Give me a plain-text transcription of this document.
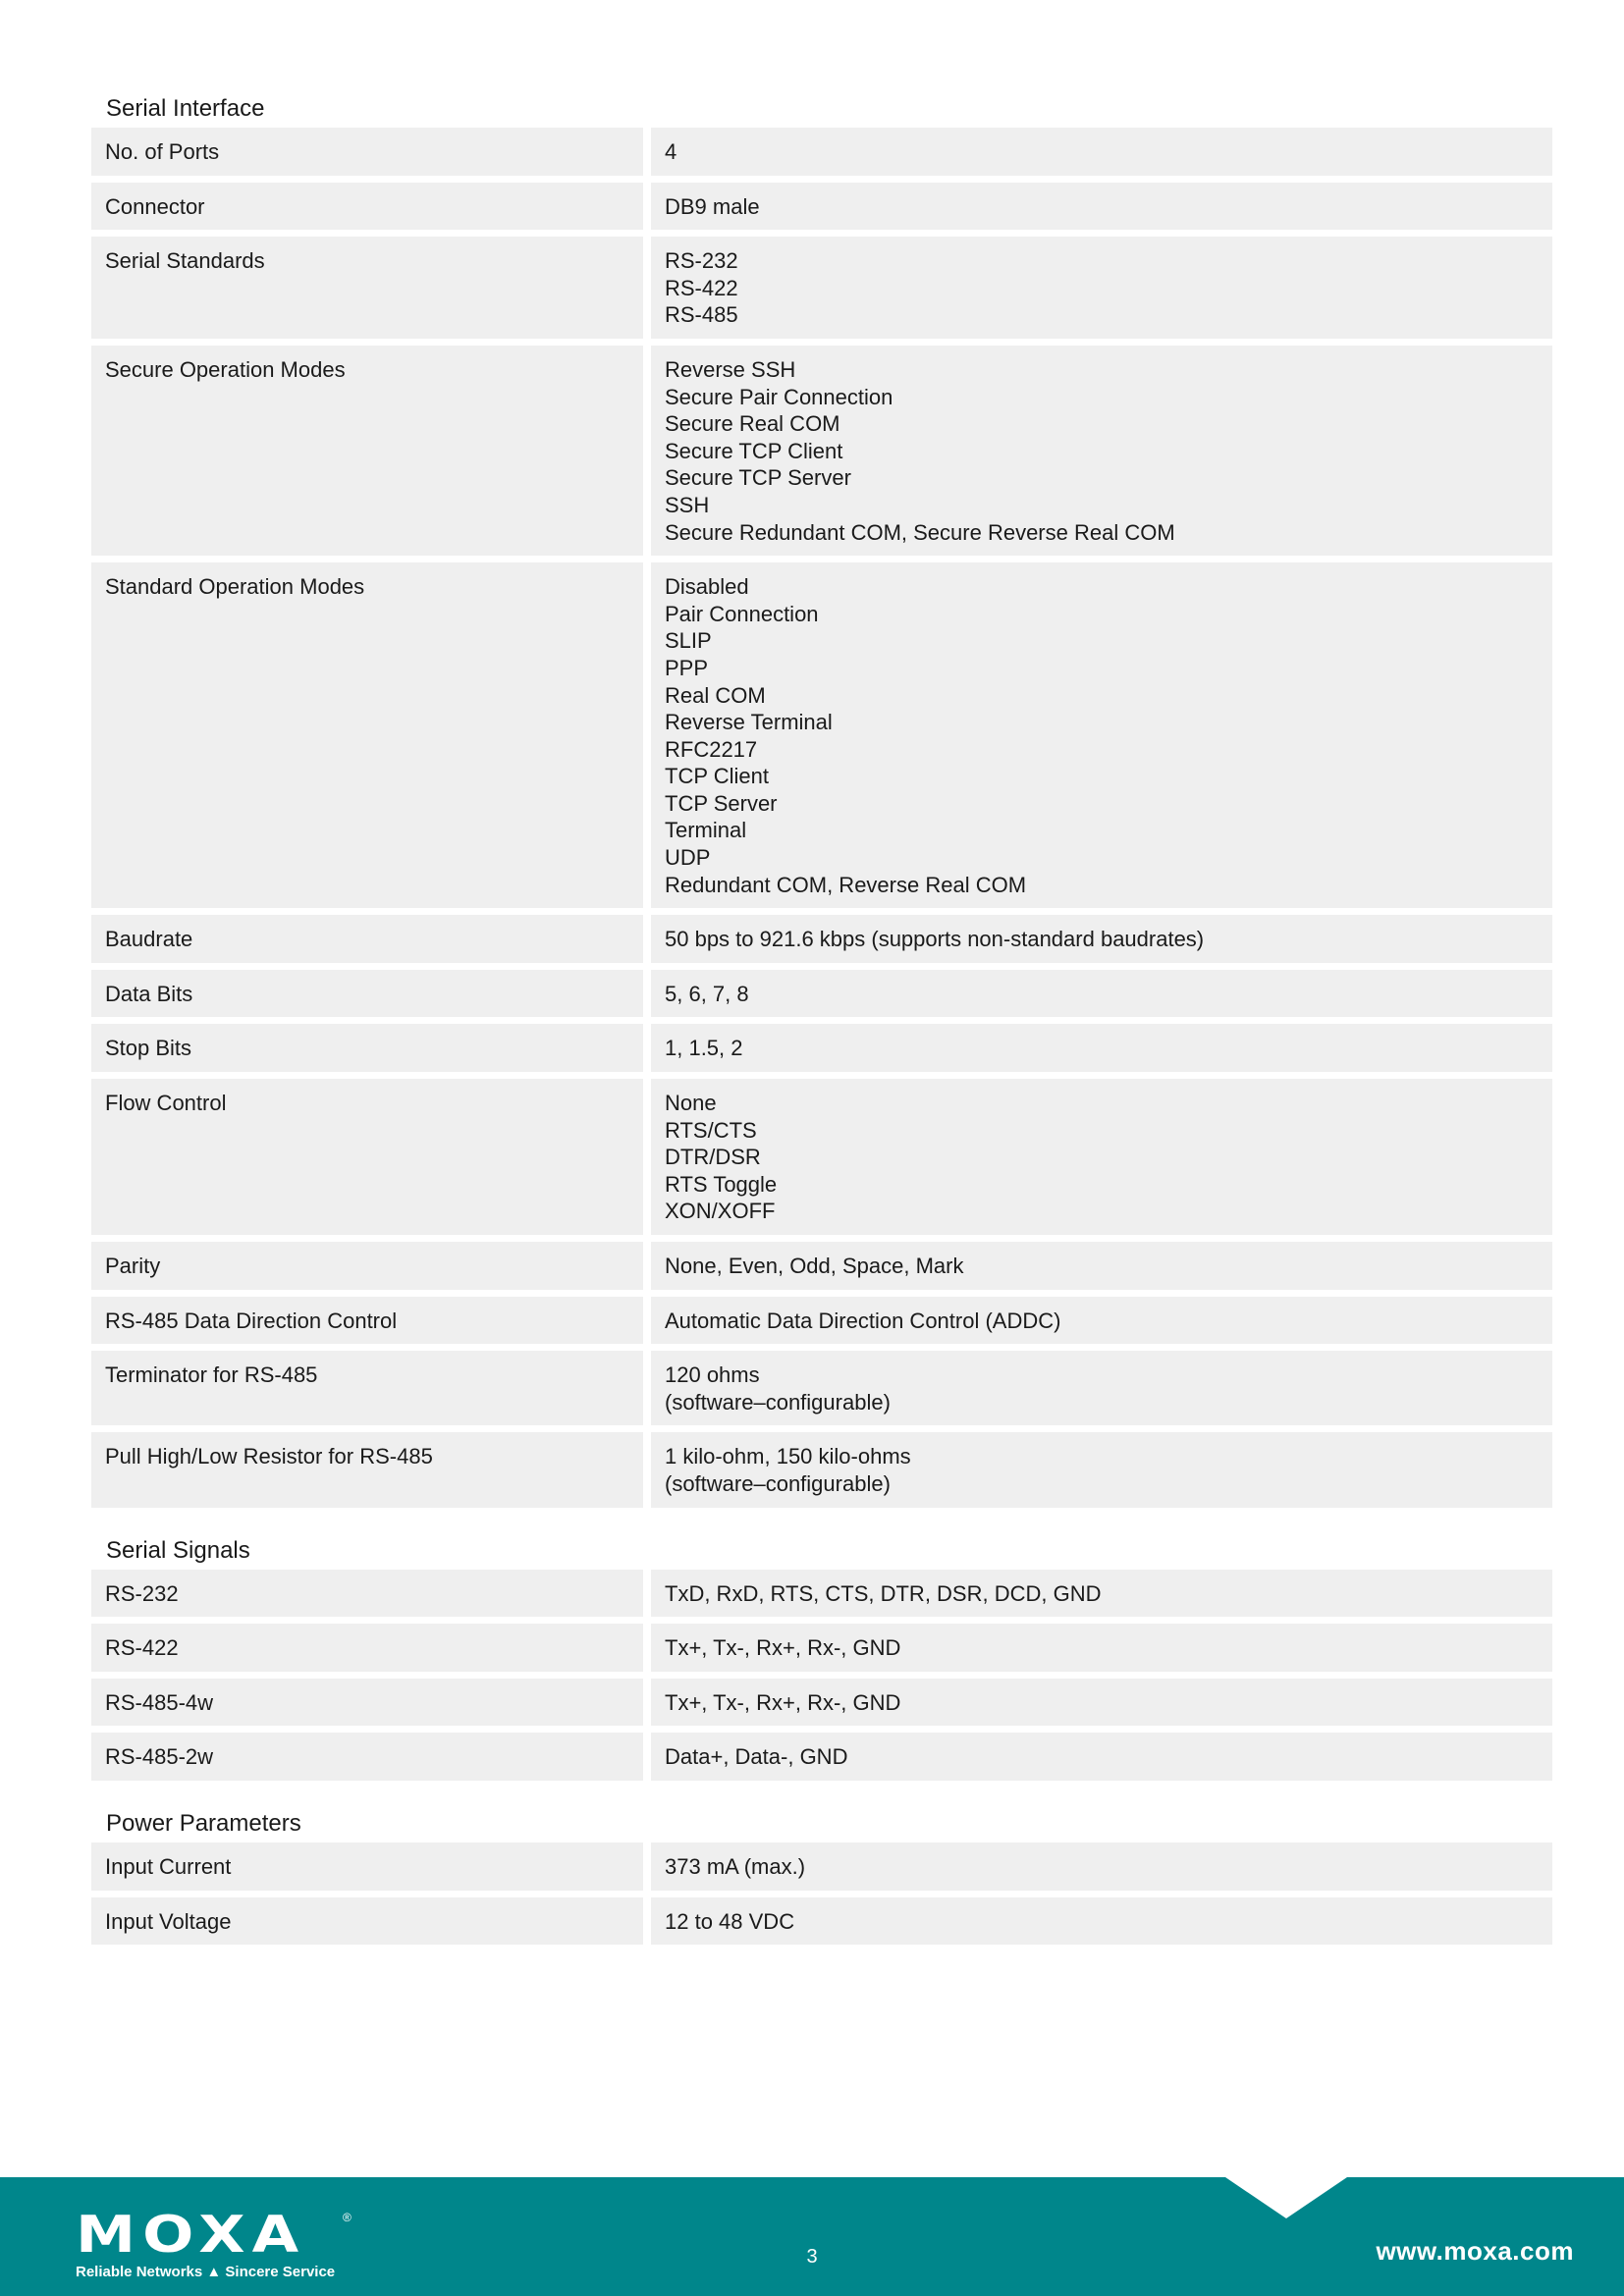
Serial Interface
No. of Ports	4
Connector	DB9 male
Serial Standards	RS-232
RS-422
RS-485
Secure Operation Modes	Reverse SSH
Secure Pair Connection
Secure Real COM
Secure TCP Client
Secure TCP Server
SSH
Secure Redundant COM, Secure Reverse Real COM
Standard Operation Modes	Disabled
Pair Connection
SLIP
PPP
Real COM
Reverse Terminal
RFC2217
TCP Client
TCP Server
Terminal
UDP
Redundant COM, Reverse Real COM
Baudrate	50 bps to 921.6 kbps (supports non-standard baudrates)
Data Bits	5, 6, 7, 8
Stop Bits	1, 1.5, 2
Flow Control	None
RTS/CTS
DTR/DSR
RTS Toggle
XON/XOFF
Parity	None, Even, Odd, Space, Mark
RS-485 Data Direction Control	Automatic Data Direction Control (ADDC)
Terminator for RS-485	120 ohms
(software–configurable)
Pull High/Low Resistor for RS-485	1 kilo-ohm, 150 kilo-ohms
(software–configurable)
Serial Signals
RS-232	TxD, RxD, RTS, CTS, DTR, DSR, DCD, GND
RS-422	Tx+, Tx-, Rx+, Rx-, GND
RS-485-4w	Tx+, Tx-, Rx+, Rx-, GND
RS-485-2w	Data+, Data-, GND
Power Parameters
Input Current	373 mA (max.)
Input Voltage	12 to 48 VDC
MOXA	®
Reliable Networks ▲ Sincere Service
3	www.moxa.com
